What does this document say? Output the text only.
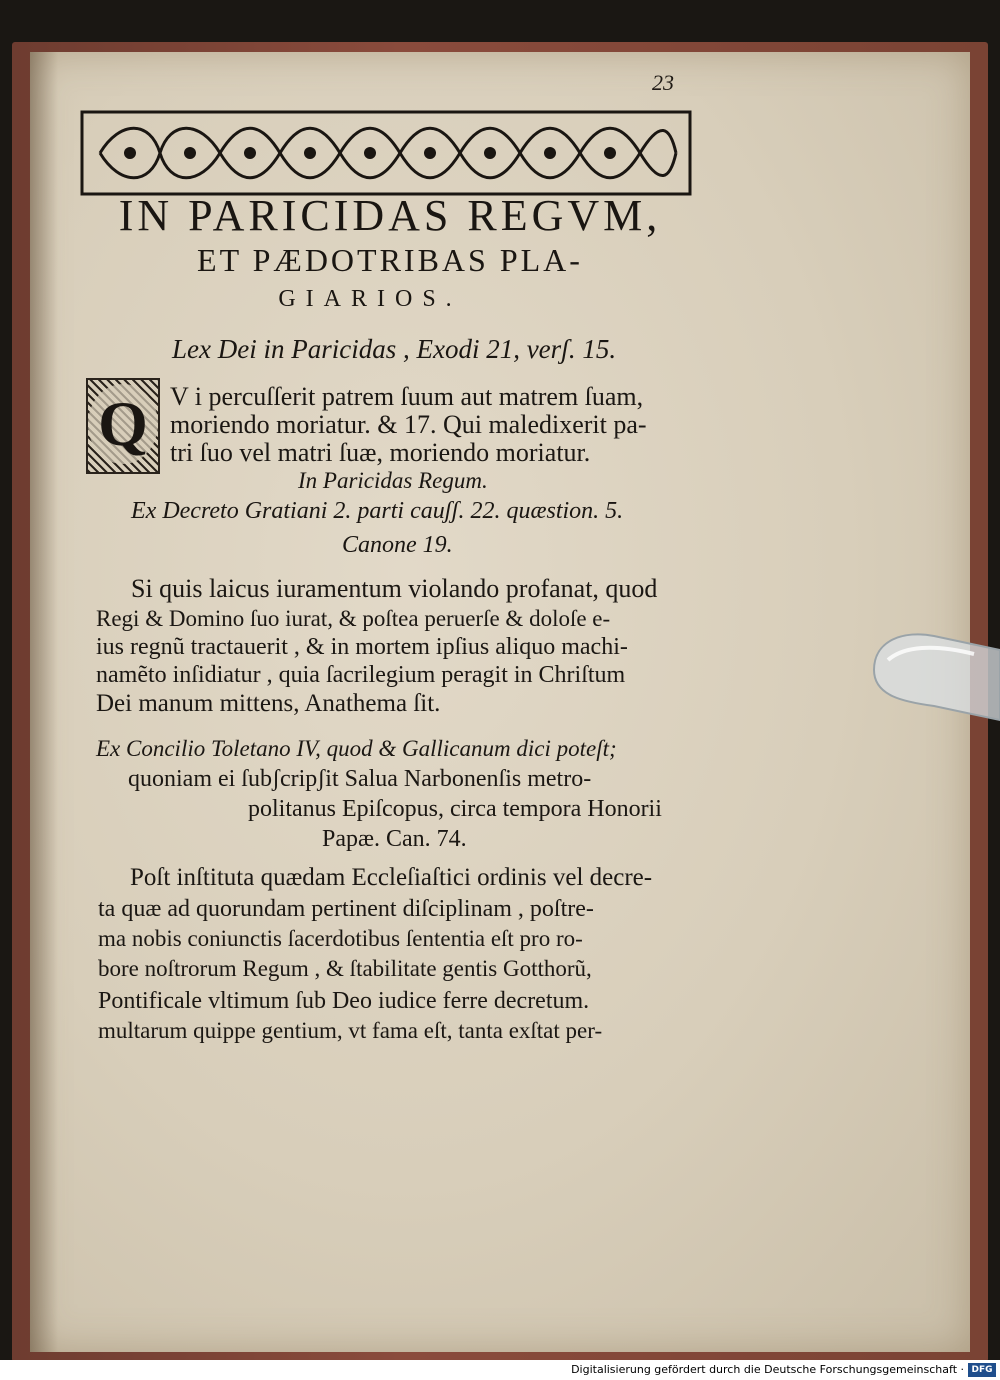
23
IN PARICIDAS REGVM,
ET PÆDOTRIBAS PLA-
GIARIOS.
Lex Dei in Paricidas , Exodi 21, verʃ. 15.
Q V i percuſſerit patrem ſuum aut matrem ſuam,
moriendo moriatur. & 17. Qui maledixerit pa-
tri ſuo vel matri ſuæ, moriendo moriatur.
In Paricidas Regum.
Ex Decreto Gratiani 2. parti cauʃʃ. 22. quæstion. 5.
Canone 19.
Si quis laicus iuramentum violando profanat, quod
Regi & Domino ſuo iurat, & poſtea peruerſe & doloſe e-
ius regnũ tractauerit , & in mortem ipſius aliquo machi-
namẽto inſidiatur , quia ſacrilegium peragit in Chriſtum
Dei manum mittens, Anathema ſit.
Ex Concilio Toletano IV, quod & Gallicanum dici poteſt;
quoniam ei ſubʃcripʃit Salua Narbonenſis metro-
politanus Epiſcopus, circa tempora Honorii
Papæ. Can. 74.
Poſt inſtituta quædam Eccleſiaſtici ordinis vel decre-
ta quæ ad quorundam pertinent diſciplinam , poſtre-
ma nobis coniunctis ſacerdotibus ſententia eſt pro ro-
bore noſtrorum Regum , & ſtabilitate gentis Gotthorũ,
Pontificale vltimum ſub Deo iudice ferre decretum.
multarum quippe gentium, vt fama eſt, tanta exſtat per-
Digitalisierung gefördert durch die Deutsche Forschungsgemeinschaft · DFG
